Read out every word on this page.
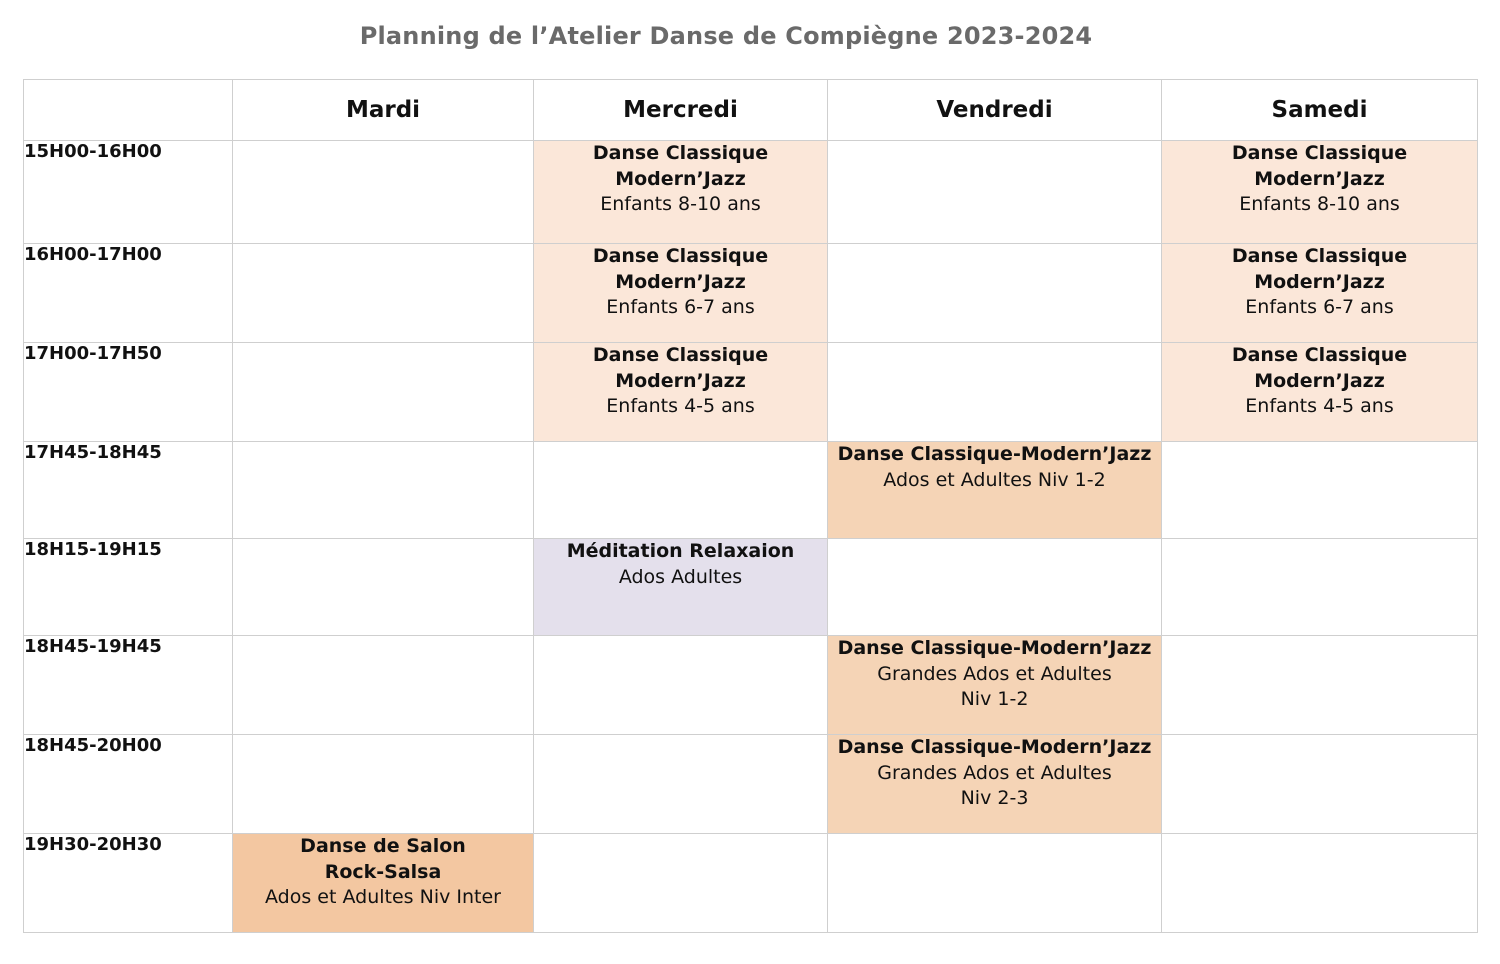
Planning de l’Atelier Danse de Compiègne 2023-2024
	Mardi	Mercredi	Vendredi	Samedi
15H00-16H00		Danse Classique
Modern’Jazz
Enfants 8-10 ans		Danse Classique
Modern’Jazz
Enfants 8-10 ans

16H00-17H00		Danse Classique
Modern’Jazz
Enfants 6-7 ans		Danse Classique
Modern’Jazz
Enfants 6-7 ans

17H00-17H50		Danse Classique
Modern’Jazz
Enfants 4-5 ans		Danse Classique
Modern’Jazz
Enfants 4-5 ans

17H45-18H45			Danse Classique-Modern’Jazz
Ados et Adultes Niv 1-2	

18H15-19H15		Méditation Relaxaion
Ados Adultes		

18H45-19H45			Danse Classique-Modern’Jazz
Grandes Ados et Adultes
Niv 1-2	

18H45-20H00			Danse Classique-Modern’Jazz
Grandes Ados et Adultes
Niv 2-3	

19H30-20H30	Danse de Salon
Rock-Salsa
Ados et Adultes Niv Inter			
